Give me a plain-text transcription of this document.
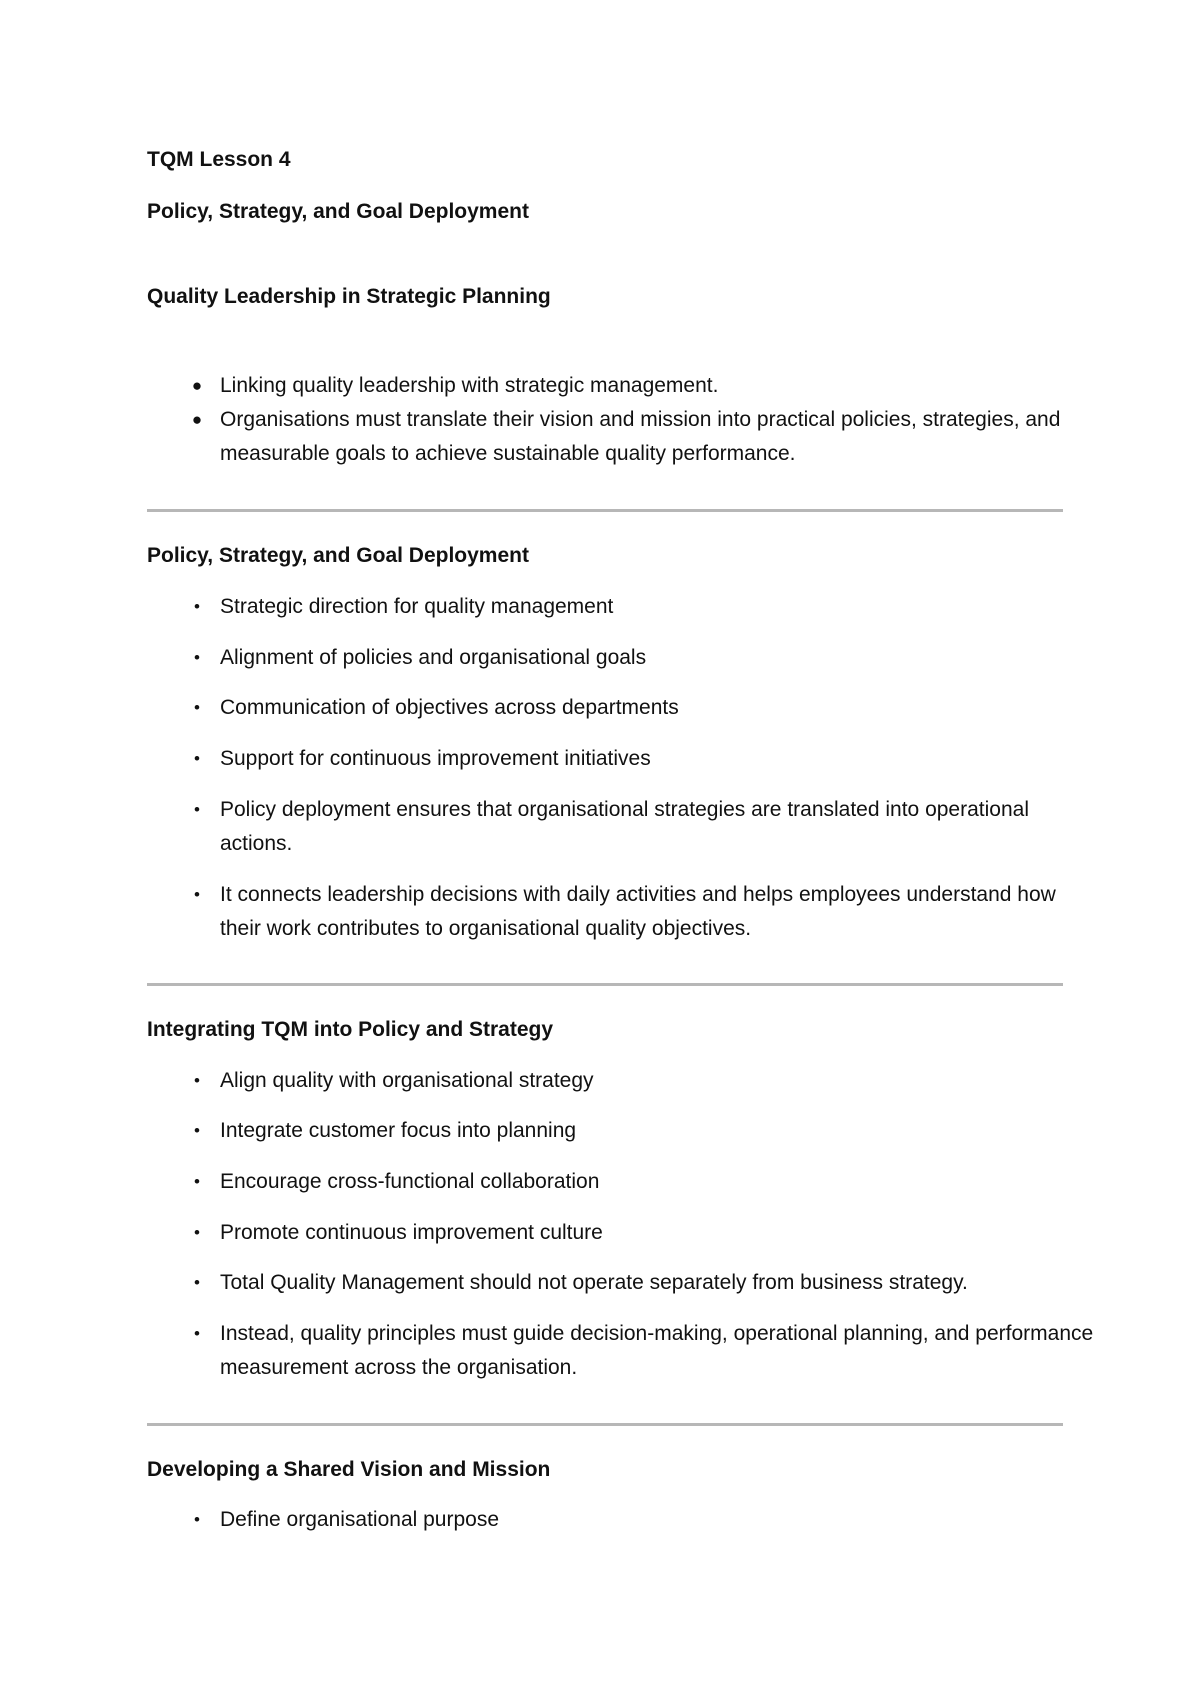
TQM Lesson 4
Policy, Strategy, and Goal Deployment
Quality Leadership in Strategic Planning
● Linking quality leadership with strategic management.
● Organisations must translate their vision and mission into practical policies, strategies, and measurable goals to achieve sustainable quality performance.
Policy, Strategy, and Goal Deployment
• Strategic direction for quality management
• Alignment of policies and organisational goals
• Communication of objectives across departments
• Support for continuous improvement initiatives
• Policy deployment ensures that organisational strategies are translated into operational actions.
• It connects leadership decisions with daily activities and helps employees understand how their work contributes to organisational quality objectives.
Integrating TQM into Policy and Strategy
• Align quality with organisational strategy
• Integrate customer focus into planning
• Encourage cross-functional collaboration
• Promote continuous improvement culture
• Total Quality Management should not operate separately from business strategy.
• Instead, quality principles must guide decision-making, operational planning, and performance measurement across the organisation.
Developing a Shared Vision and Mission
• Define organisational purpose
